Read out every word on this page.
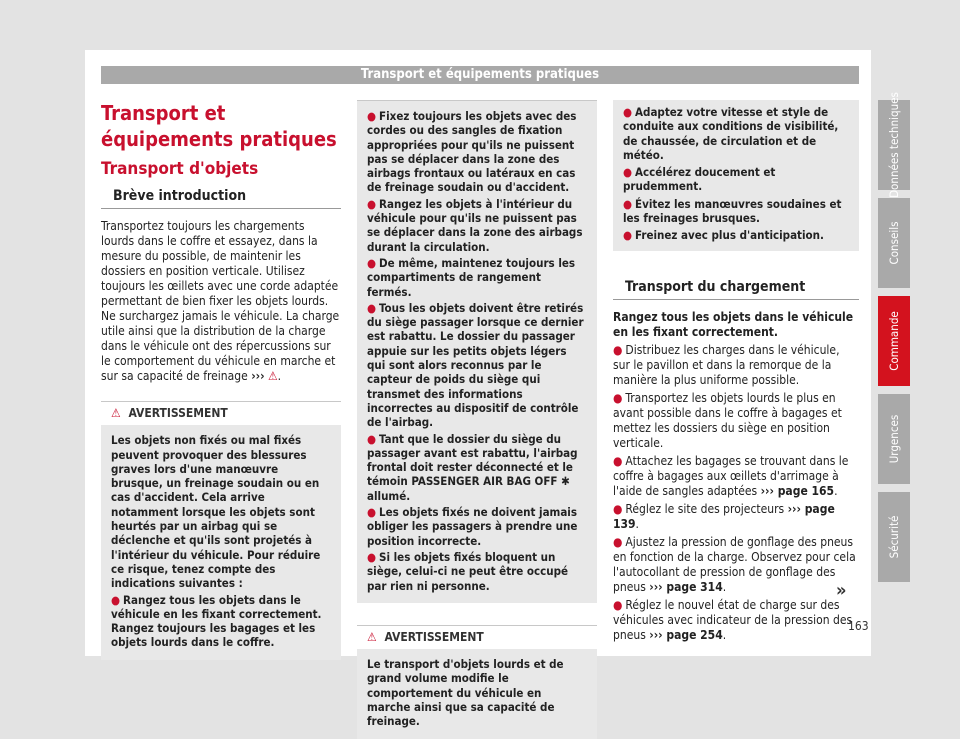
Transport et équipements pratiques
Transport et équipements pratiques
Transport d'objets
Brève introduction

Transportez toujours les chargements lourds dans le coffre et essayez, dans la mesure du possible, de maintenir les dossiers en position verticale. Utilisez toujours les œillets avec une corde adaptée permettant de bien fixer les objets lourds. Ne surchargez jamais le véhicule. La charge utile ainsi que la distribution de la charge dans le véhicule ont des répercussions sur le comportement du véhicule en marche et sur sa capacité de freinage ››› ⚠.

⚠ AVERTISSEMENT

Les objets non fixés ou mal fixés peuvent provoquer des blessures graves lors d'une manœuvre brusque, un freinage soudain ou en cas d'accident. Cela arrive notamment lorsque les objets sont heurtés par un airbag qui se déclenche et qu'ils sont projetés à l'intérieur du véhicule. Pour réduire ce risque, tenez compte des indications suivantes :

● Rangez tous les objets dans le véhicule en les fixant correctement. Rangez toujours les bagages et les objets lourds dans le coffre.

● Fixez toujours les objets avec des cordes ou des sangles de fixation appropriées pour qu'ils ne puissent pas se déplacer dans la zone des airbags frontaux ou latéraux en cas de freinage soudain ou d'accident.

● Rangez les objets à l'intérieur du véhicule pour qu'ils ne puissent pas se déplacer dans la zone des airbags durant la circulation.

● De même, maintenez toujours les compartiments de rangement fermés.

● Tous les objets doivent être retirés du siège passager lorsque ce dernier est rabattu. Le dossier du passager appuie sur les petits objets légers qui sont alors reconnus par le capteur de poids du siège qui transmet des informations incorrectes au dispositif de contrôle de l'airbag.

● Tant que le dossier du siège du passager avant est rabattu, l'airbag frontal doit rester déconnecté et le témoin PASSENGER AIR BAG OFF ✱ allumé.

● Les objets fixés ne doivent jamais obliger les passagers à prendre une position incorrecte.

● Si les objets fixés bloquent un siège, celui-ci ne peut être occupé par rien ni personne.

⚠ AVERTISSEMENT

Le transport d'objets lourds et de grand volume modifie le comportement du véhicule en marche ainsi que sa capacité de freinage.

● Adaptez votre vitesse et style de conduite aux conditions de visibilité, de chaussée, de circulation et de météo.

● Accélérez doucement et prudemment.

● Évitez les manœuvres soudaines et les freinages brusques.

● Freinez avec plus d'anticipation.

Transport du chargement

Rangez tous les objets dans le véhicule en les fixant correctement.

● Distribuez les charges dans le véhicule, sur le pavillon et dans la remorque de la manière la plus uniforme possible.

● Transportez les objets lourds le plus en avant possible dans le coffre à bagages et mettez les dossiers du siège en position verticale.

● Attachez les bagages se trouvant dans le coffre à bagages aux œillets d'arrimage à l'aide de sangles adaptées ››› page 165.

● Réglez le site des projecteurs ››› page 139.

● Ajustez la pression de gonflage des pneus en fonction de la charge. Observez pour cela l'autocollant de pression de gonflage des pneus ››› page 314.

● Réglez le nouvel état de charge sur des véhicules avec indicateur de la pression des pneus ››› page 254.

»
Données techniques
Conseils
Commande
Urgences
Sécurité
163
